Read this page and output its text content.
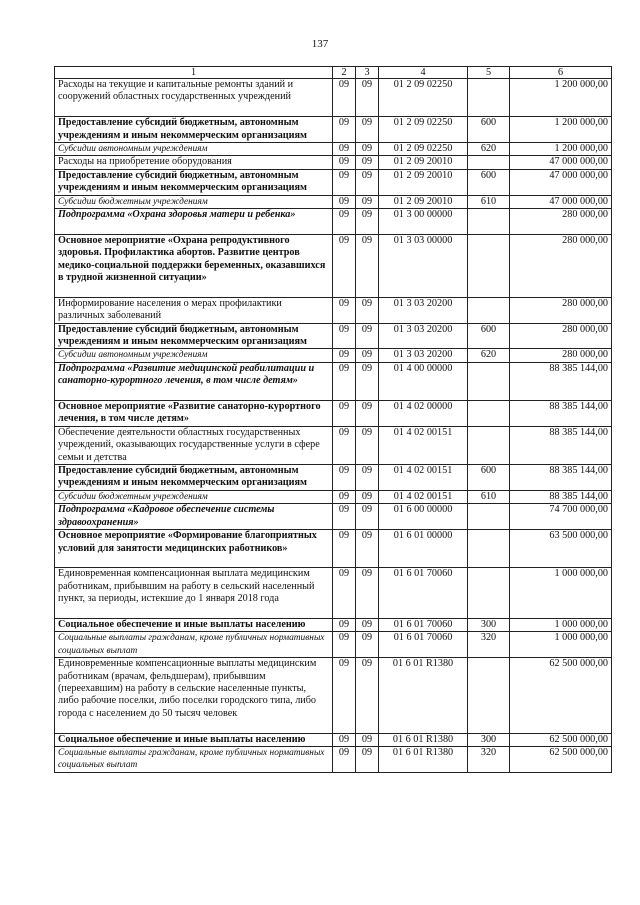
137
1	2	3	4	5	6
Расходы на текущие и капитальные ремонты зданий и сооружений областных государственных учреждений	09	09	01 2 09 02250		1 200 000,00
Предоставление субсидий бюджетным, автономным учреждениям и иным некоммерческим организациям	09	09	01 2 09 02250	600	1 200 000,00
Субсидии автономным учреждениям	09	09	01 2 09 02250	620	1 200 000,00
Расходы на приобретение оборудования	09	09	01 2 09 20010		47 000 000,00
Предоставление субсидий бюджетным, автономным учреждениям и иным некоммерческим организациям	09	09	01 2 09 20010	600	47 000 000,00
Субсидии бюджетным учреждениям	09	09	01 2 09 20010	610	47 000 000,00
Подпрограмма «Охрана здоровья матери и ребенка»	09	09	01 3 00 00000		280 000,00
Основное мероприятие «Охрана репродуктивного здоровья. Профилактика абортов. Развитие центров медико-социальной поддержки беременных, оказавшихся в трудной жизненной ситуации»	09	09	01 3 03 00000		280 000,00
Информирование населения о мерах профилактики различных заболеваний	09	09	01 3 03 20200		280 000,00
Предоставление субсидий бюджетным, автономным учреждениям и иным некоммерческим организациям	09	09	01 3 03 20200	600	280 000,00
Субсидии автономным учреждениям	09	09	01 3 03 20200	620	280 000,00
Подпрограмма «Развитие медицинской реабилитации и санаторно-курортного лечения, в том числе детям»	09	09	01 4 00 00000		88 385 144,00
Основное мероприятие «Развитие санаторно-курортного лечения, в том числе детям»	09	09	01 4 02 00000		88 385 144,00
Обеспечение деятельности областных государственных учреждений, оказывающих государственные услуги в сфере семьи и детства	09	09	01 4 02 00151		88 385 144,00
Предоставление субсидий бюджетным, автономным учреждениям и иным некоммерческим организациям	09	09	01 4 02 00151	600	88 385 144,00
Субсидии бюджетным учреждениям	09	09	01 4 02 00151	610	88 385 144,00
Подпрограмма «Кадровое обеспечение системы здравоохранения»	09	09	01 6 00 00000		74 700 000,00
Основное мероприятие «Формирование благоприятных условий для занятости медицинских работников»	09	09	01 6 01 00000		63 500 000,00
Единовременная компенсационная выплата медицинским работникам, прибывшим на работу в сельский населенный пункт, за периоды, истекшие до 1 января 2018 года	09	09	01 6 01 70060		1 000 000,00
Социальное обеспечение и иные выплаты населению	09	09	01 6 01 70060	300	1 000 000,00
Социальные выплаты гражданам, кроме публичных нормативных социальных выплат	09	09	01 6 01 70060	320	1 000 000,00
Единовременные компенсационные выплаты медицинским работникам (врачам, фельдшерам), прибывшим (переехавшим) на работу в сельские населенные пункты, либо рабочие поселки, либо поселки городского типа, либо города с населением до 50 тысяч человек	09	09	01 6 01 R1380		62 500 000,00
Социальное обеспечение и иные выплаты населению	09	09	01 6 01 R1380	300	62 500 000,00
Социальные выплаты гражданам, кроме публичных нормативных социальных выплат	09	09	01 6 01 R1380	320	62 500 000,00
